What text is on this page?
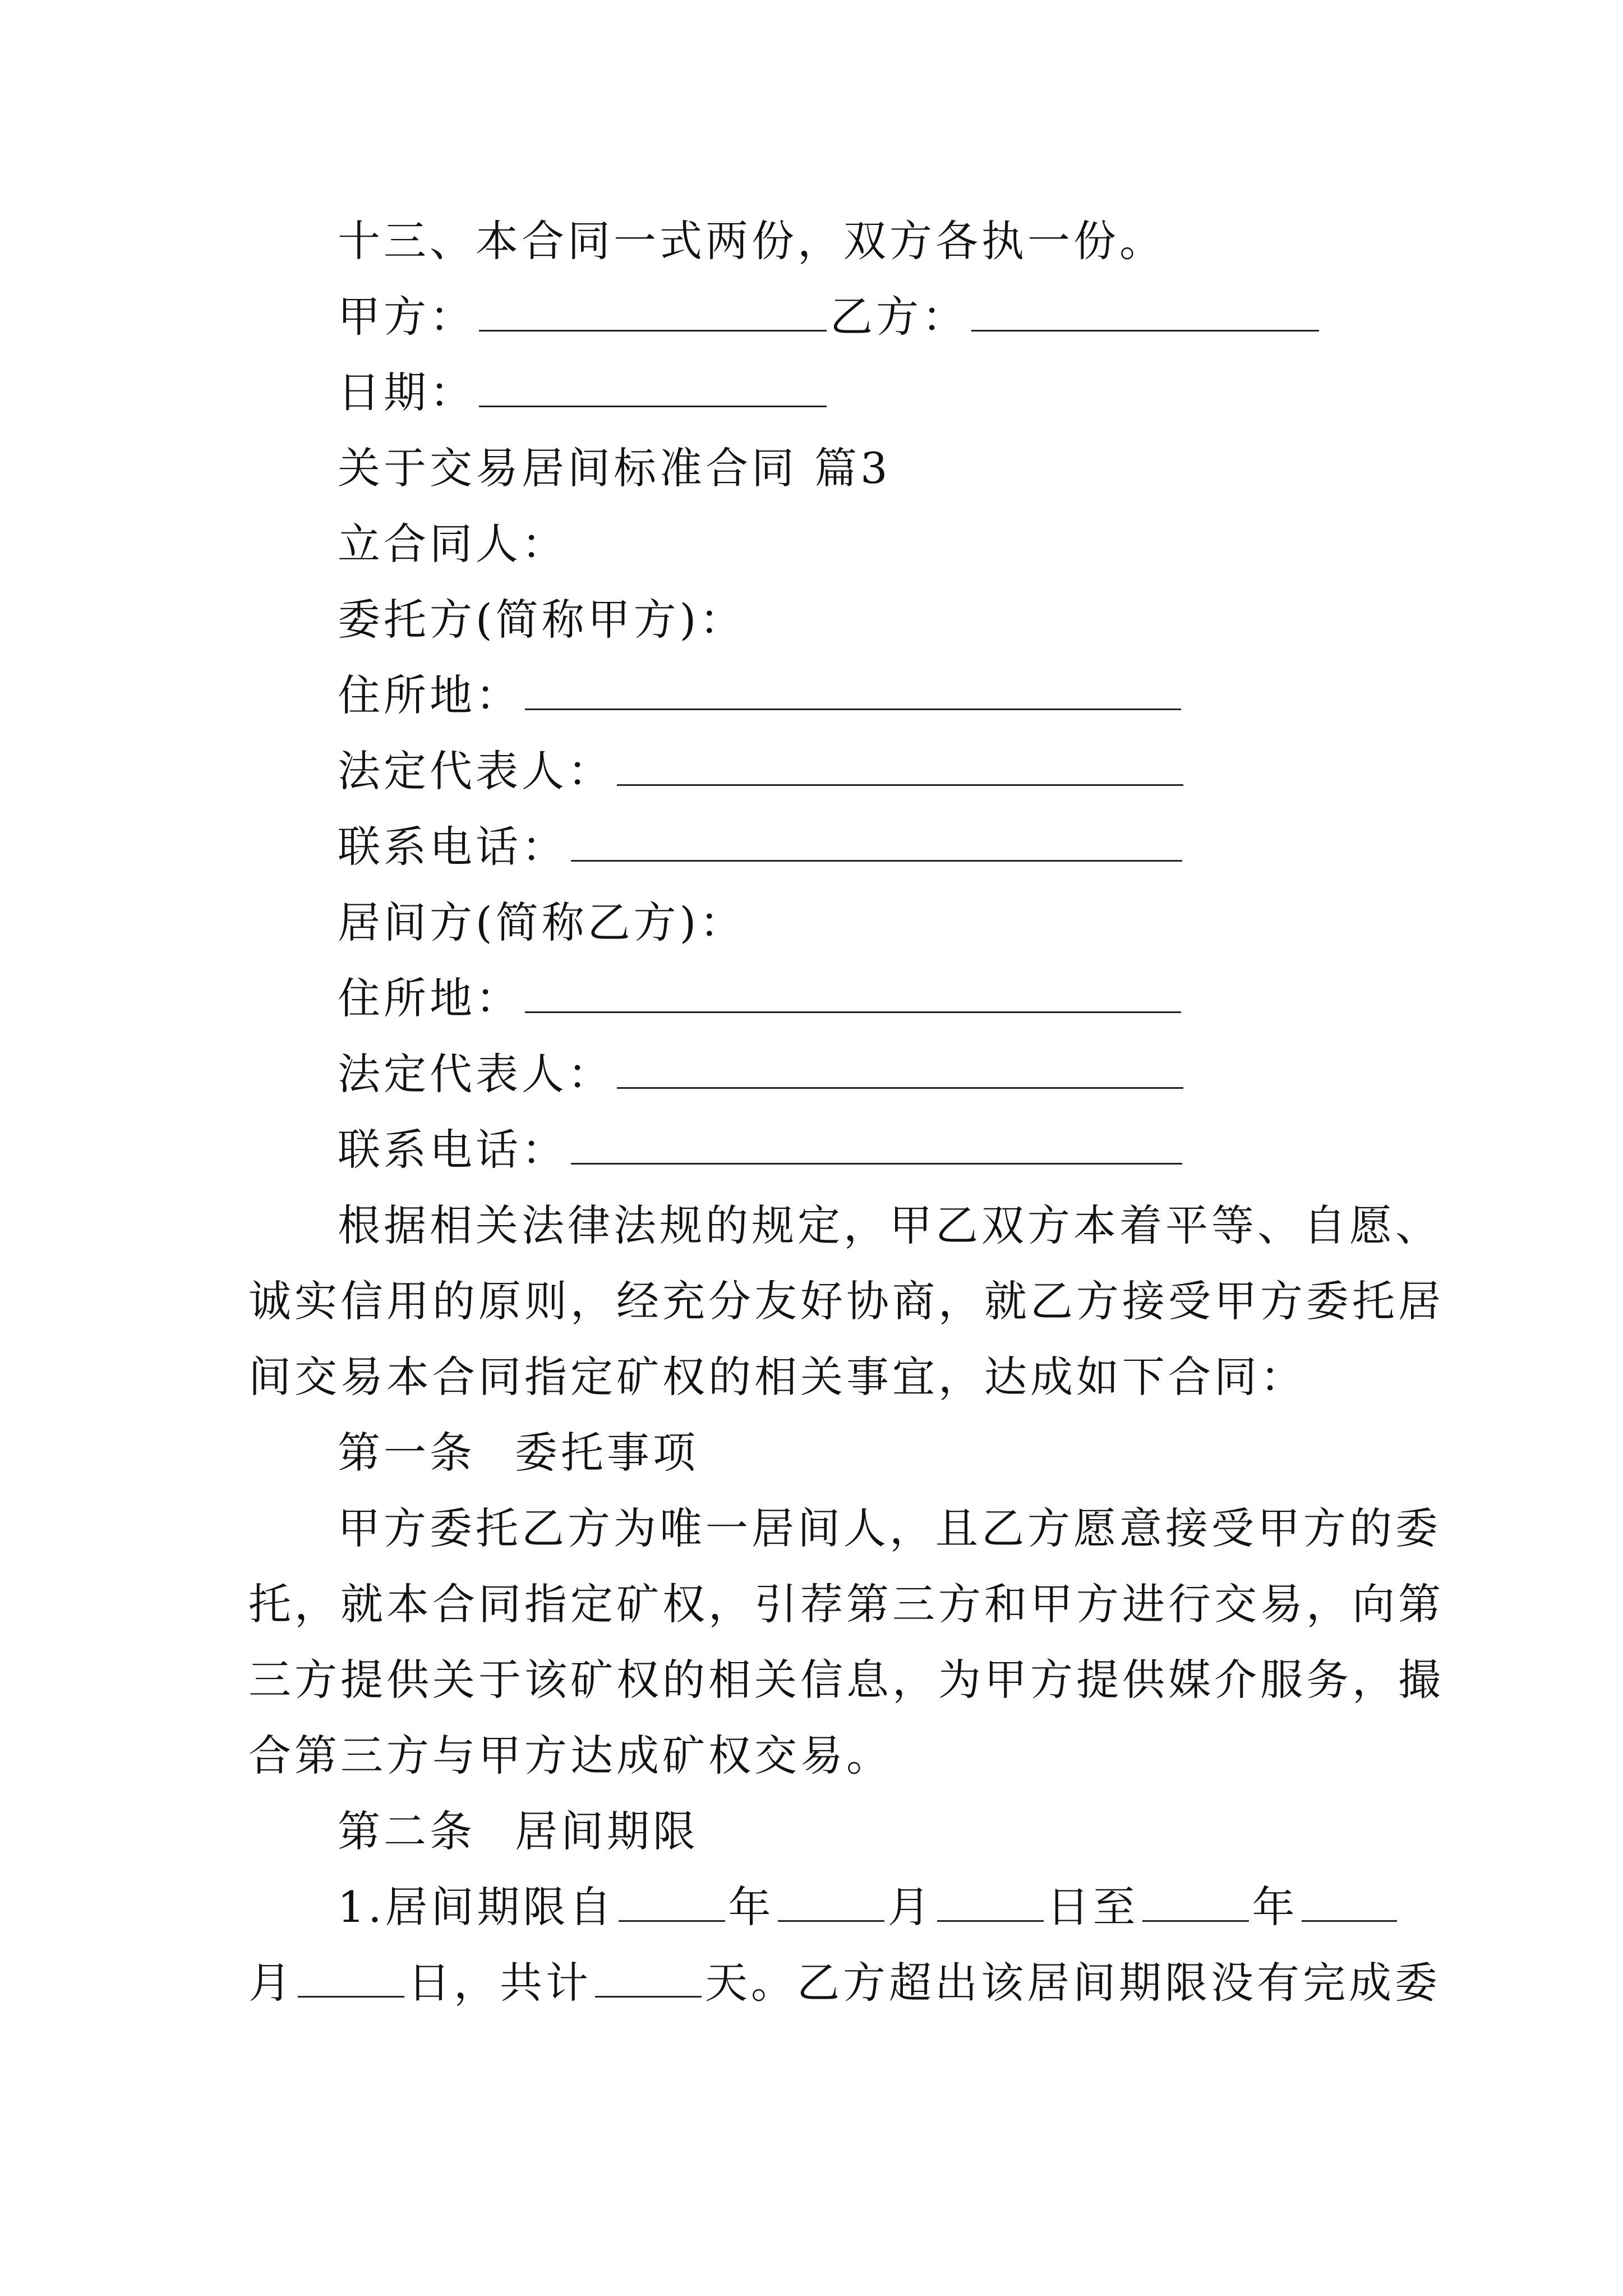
十三、本合同一式两份，双方各执一份。
甲方：	乙方：
日期：
关于交易居间标准合同 篇3
立合同人：
委托方(简称甲方)：
住所地：
法定代表人：
联系电话：
居间方(简称乙方)：
住所地：
法定代表人：
联系电话：
根据相关法律法规的规定，甲乙双方本着平等、自愿、
诚实信用的原则，经充分友好协商，就乙方接受甲方委托居
间交易本合同指定矿权的相关事宜，达成如下合同：
第一条 委托事项
甲方委托乙方为唯一居间人，且乙方愿意接受甲方的委
托，就本合同指定矿权，引荐第三方和甲方进行交易，向第
三方提供关于该矿权的相关信息，为甲方提供媒介服务，撮
合第三方与甲方达成矿权交易。
第二条 居间期限
1.居间期限自	年	月	日至	年
月	日，共计	天。乙方超出该居间期限没有完成委
